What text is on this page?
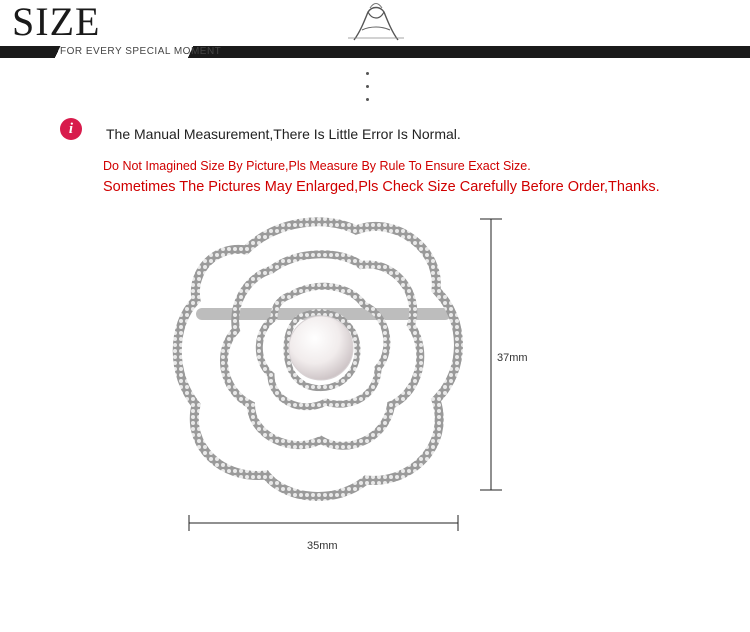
SIZE
FOR EVERY SPECIAL MOMENT
i	The Manual Measurement,There Is Little Error Is Normal.
Do Not Imagined Size By Picture,Pls Measure By Rule To Ensure Exact Size.
Sometimes The Pictures May Enlarged,Pls Check Size Carefully Before Order,Thanks.
37mm
35mm
